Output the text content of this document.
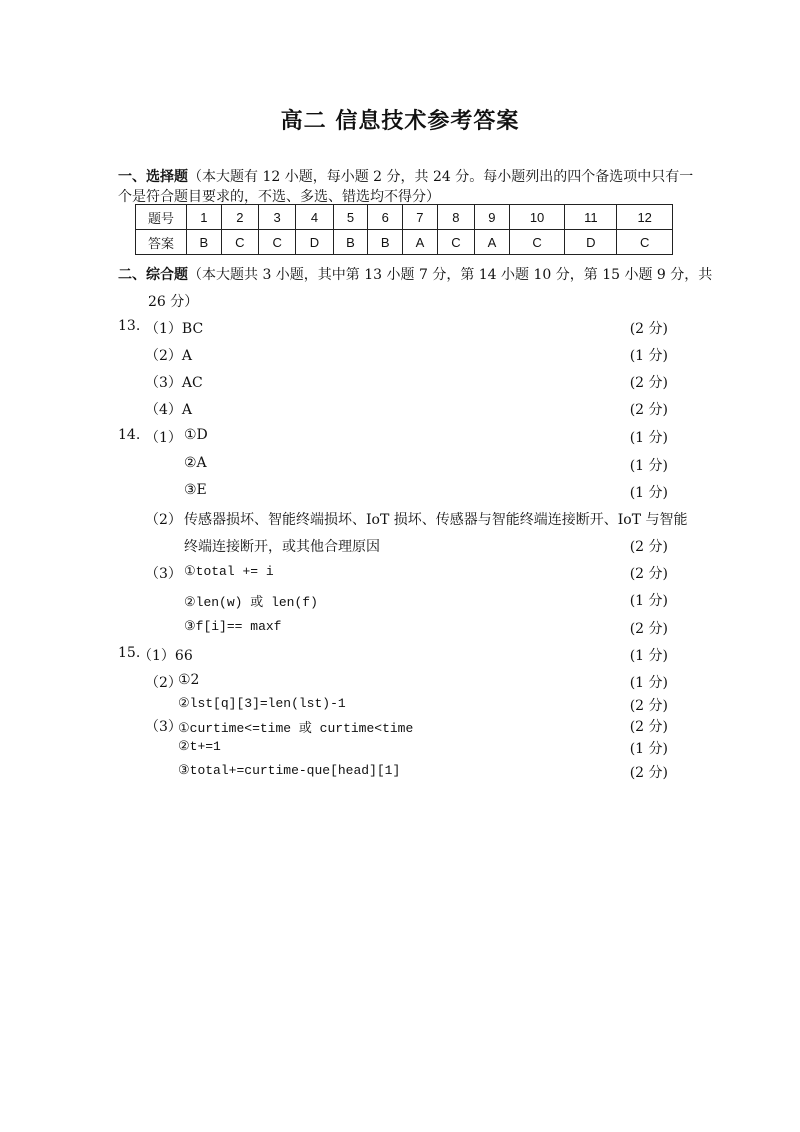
高二 信息技术参考答案
一、选择题（本大题有 12 小题，每小题 2 分，共 24 分。每小题列出的四个备选项中只有一
个是符合题目要求的，不选、多选、错选均不得分）
题号	1	2	3	4	5	6	7	8	9	10	11	12
答案	B	C	C	D	B	B	A	C	A	C	D	C
二、综合题（本大题共 3 小题，其中第 13 小题 7 分，第 14 小题 10 分，第 15 小题 9 分，共
26 分）
13. （1）BC	(2 分)
（2）A	(1 分)
（3）AC	(2 分)
（4）A	(2 分)
14. （1） ①D	(1 分)
②A	(1 分)
③E	(1 分)
（2） 传感器损坏、智能终端损坏、IoT 损坏、传感器与智能终端连接断开、IoT 与智能
终端连接断开，或其他合理原因	(2 分)
（3） ①total += i	(2 分)
②len(w) 或 len(f)	(1 分)
③f[i]== maxf	(2 分)
15.
（1）66	(1 分)
（2）
①2	(1 分)
②lst[q][3]=len(lst)-1	(2 分)
（3）
①curtime<=time 或 curtime<time	(2 分)
②t+=1	(1 分)
③total+=curtime-que[head][1]	(2 分)
